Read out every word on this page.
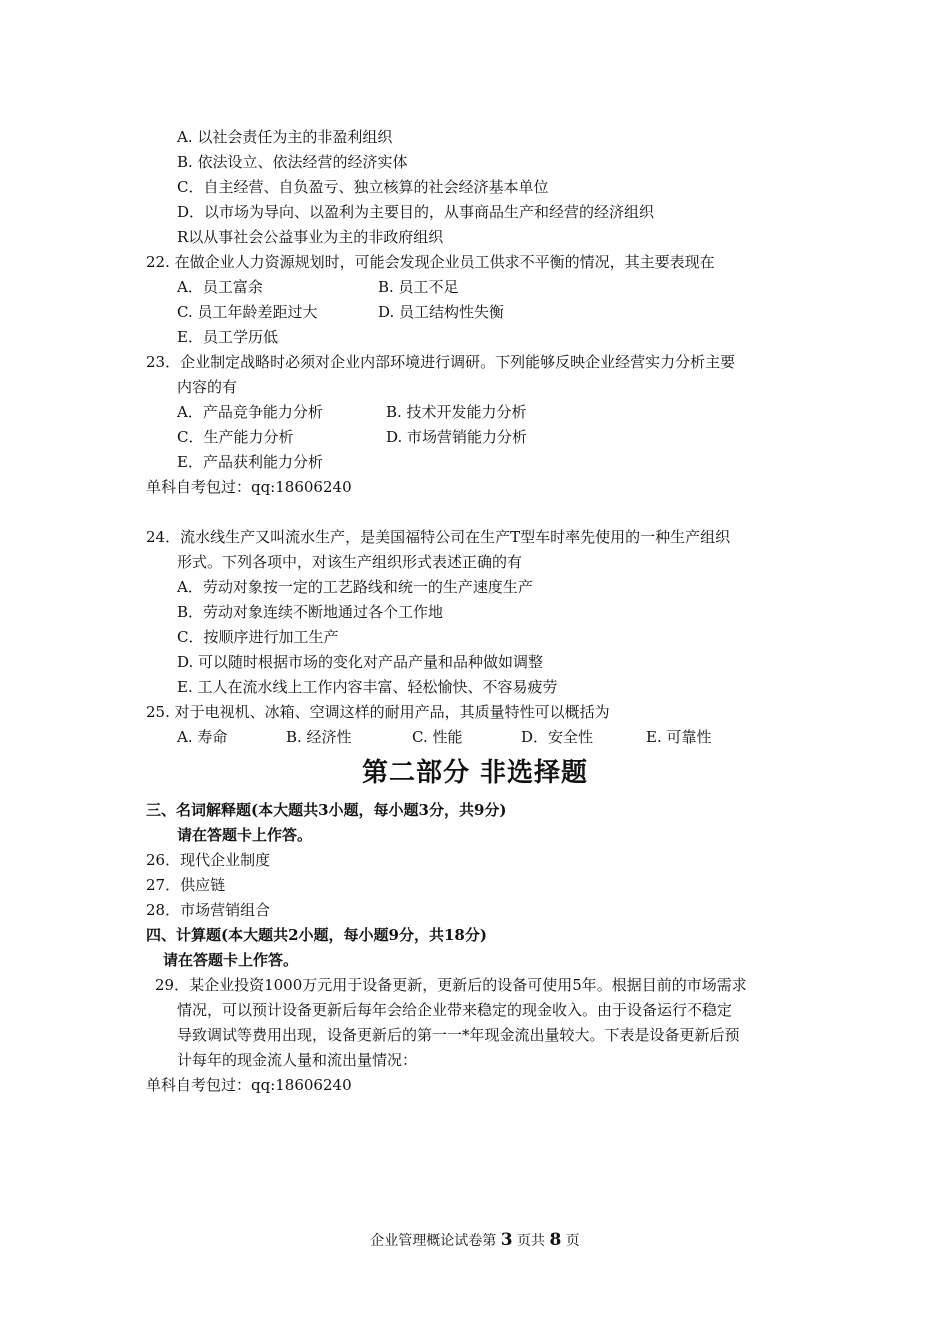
A. 以社会责任为主的非盈利组织
B. 依法设立、依法经营的经济实体
C．自主经营、自负盈亏、独立核算的社会经济基本单位
D．以市场为导向、以盈利为主要目的，从事商品生产和经营的经济组织
R以从事社会公益事业为主的非政府组织
22. 在做企业人力资源规划时，可能会发现企业员工供求不平衡的情况，其主要表现在
A．员工富余	B. 员工不足
C. 员工年龄差距过大	D. 员工结构性失衡
E．员工学历低
23．企业制定战略时必须对企业内部环境进行调研。下列能够反映企业经营实力分析主要
内容的有
A．产品竞争能力分析	B. 技术开发能力分析
C．生产能力分析	D. 市场营销能力分析
E．产品获利能力分析
单科自考包过：qq:18606240
24．流水线生产又叫流水生产，是美国福特公司在生产T型车时率先使用的一种生产组织
形式。下列各项中，对该生产组织形式表述正确的有
A．劳动对象按一定的工艺路线和统一的生产速度生产
B．劳动对象连续不断地通过各个工作地
C．按顺序进行加工生产
D. 可以随时根据市场的变化对产品产量和品种做如调整
E. 工人在流水线上工作内容丰富、轻松愉快、不容易疲劳
25. 对于电视机、冰箱、空调这样的耐用产品，其质量特性可以概括为
A. 寿命	B. 经济性	C. 性能	D．安全性	E. 可靠性
第二部分 非选择题
三、名词解释题(本大题共3小题，每小题3分，共9分)
请在答题卡上作答。
26．现代企业制度
27．供应链
28．市场营销组合
四、计算题(本大题共2小题，每小题9分，共18分)
请在答题卡上作答。
29．某企业投资1000万元用于设备更新，更新后的设备可使用5年。根据目前的市场需求
情况，可以预计设备更新后每年会给企业带来稳定的现金收入。由于设备运行不稳定
导致调试等费用出现，设备更新后的第一一*年现金流出量较大。下表是设备更新后预
计每年的现金流人量和流出量情况：
单科自考包过：qq:18606240
企业管理概论试卷第 3 页共 8 页
